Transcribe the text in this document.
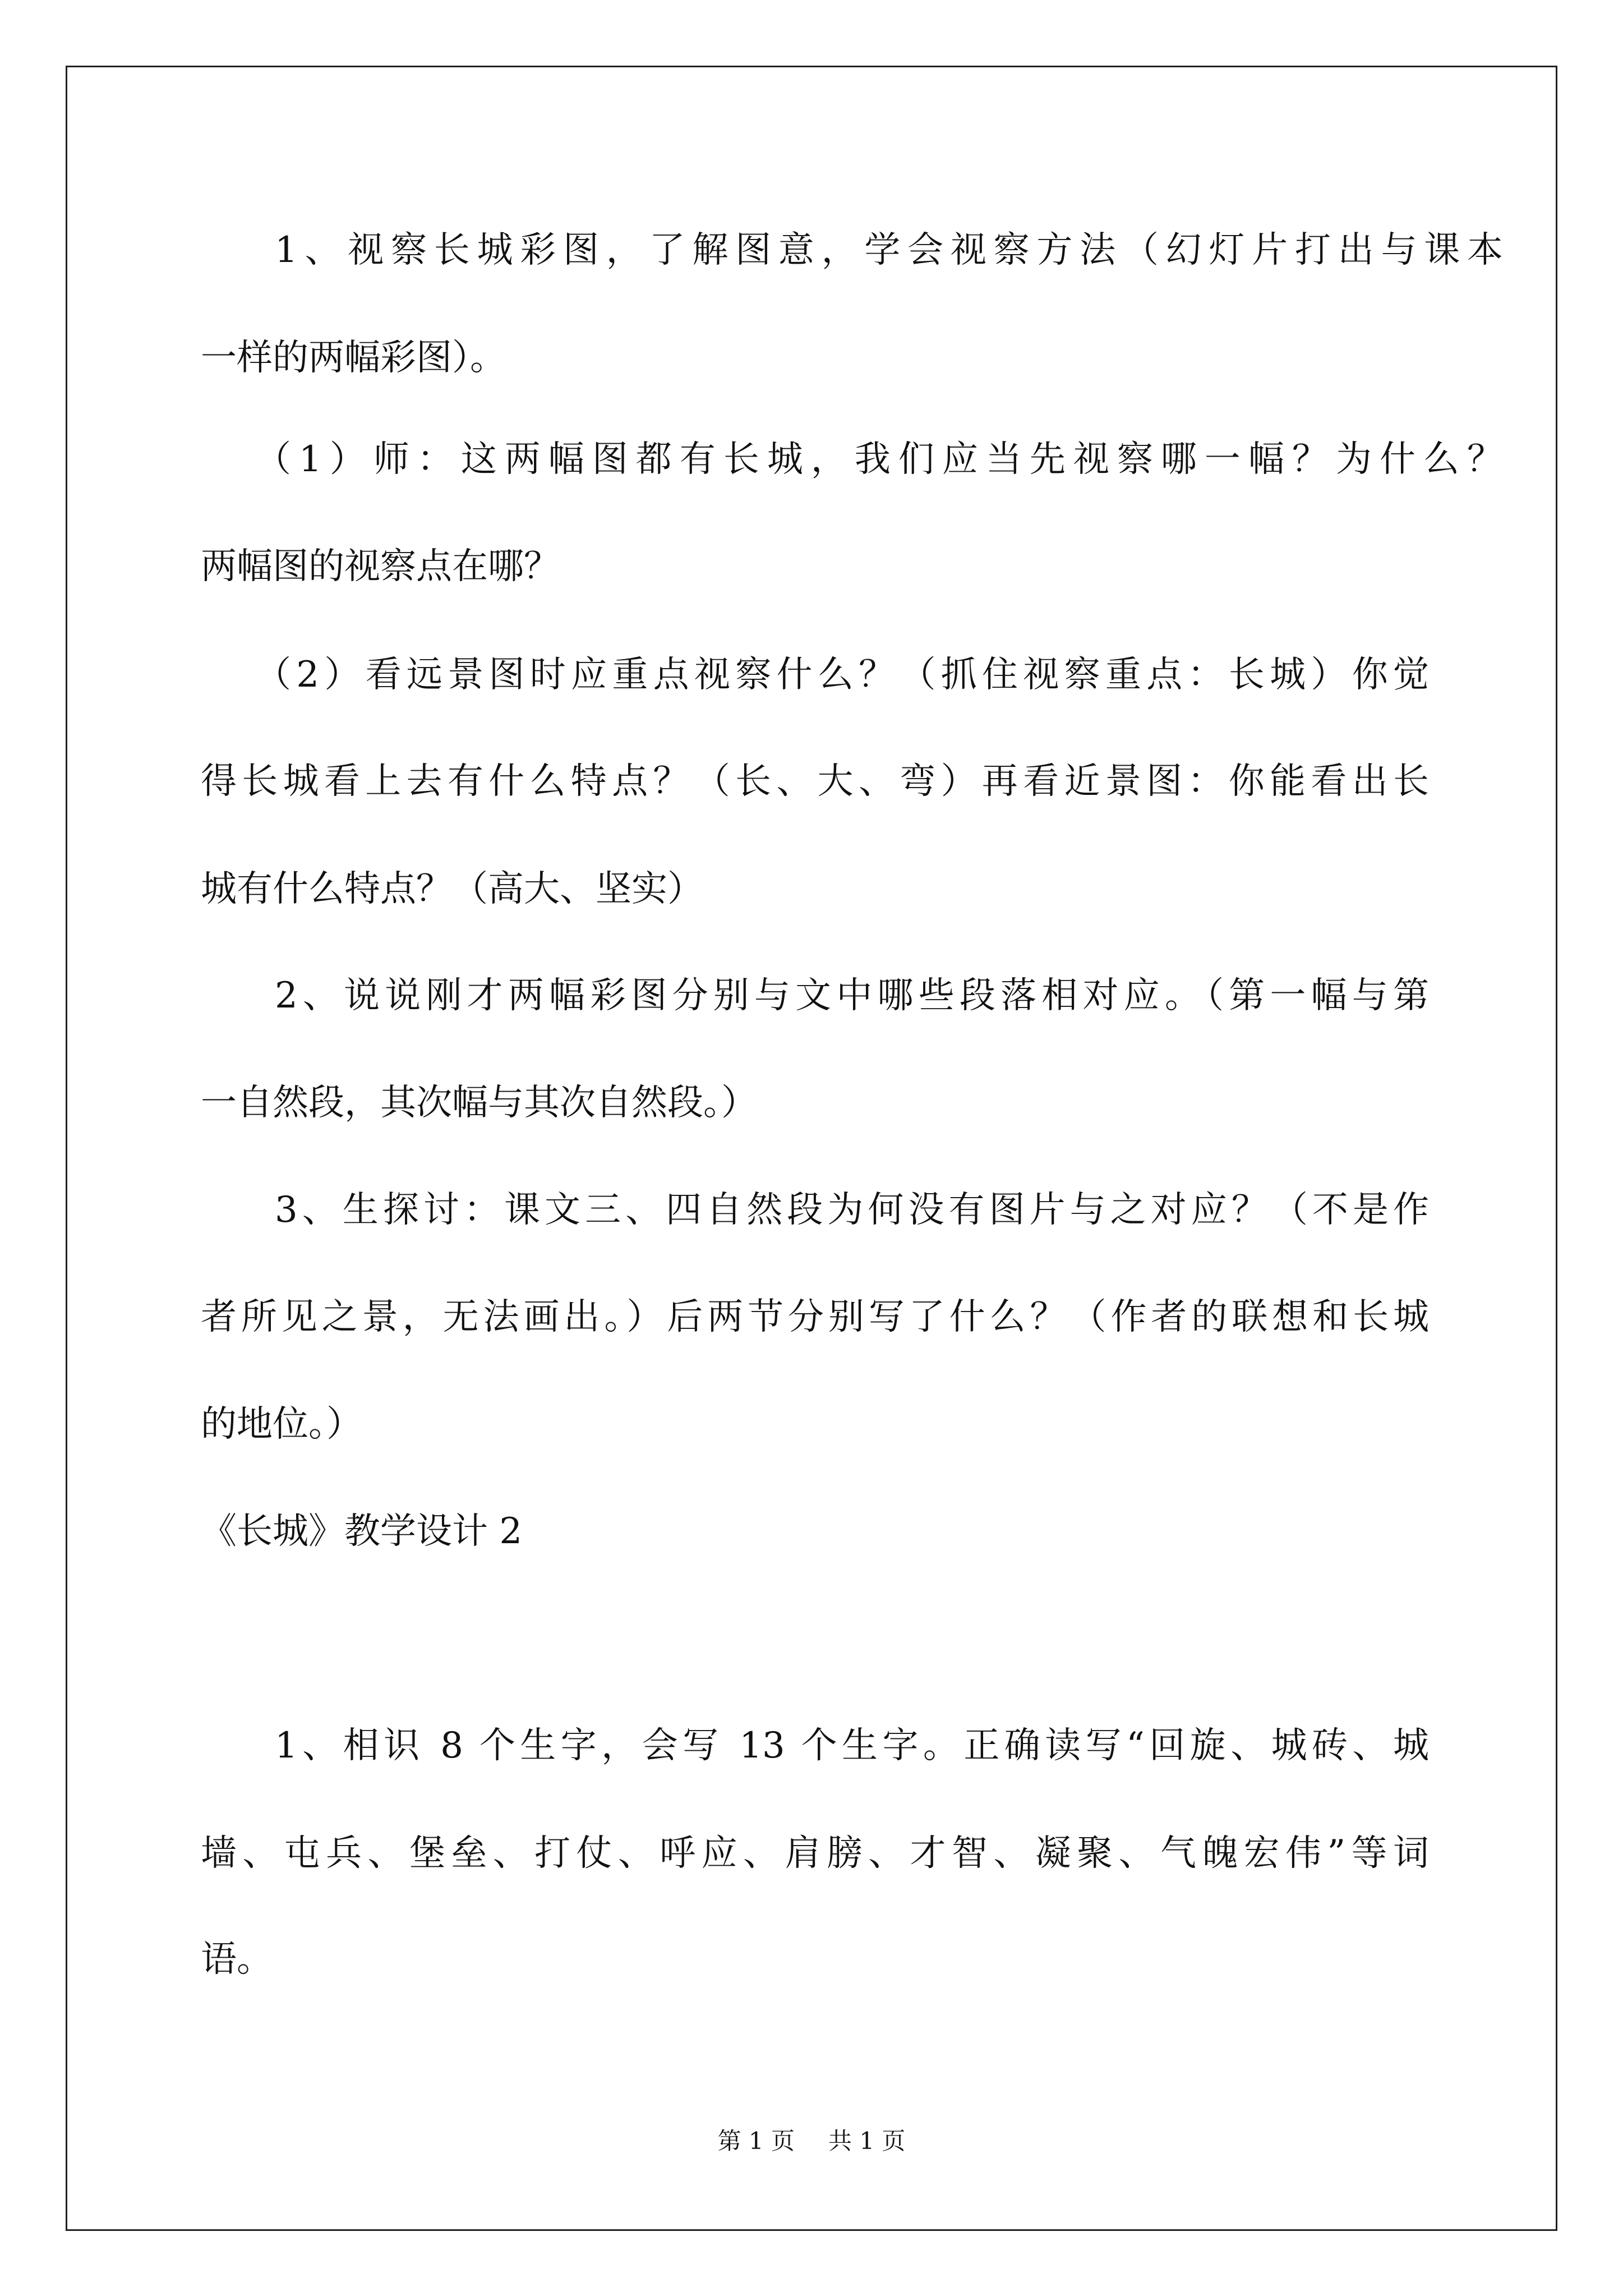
1、视察长城彩图，了解图意，学会视察方法（幻灯片打出与课本
一样的两幅彩图）。
（1）师：这两幅图都有长城，我们应当先视察哪一幅？为什么？
两幅图的视察点在哪？
（2）看远景图时应重点视察什么？（抓住视察重点：长城）你觉
得长城看上去有什么特点？（长、大、弯）再看近景图：你能看出长
城有什么特点？（高大、坚实）
2、说说刚才两幅彩图分别与文中哪些段落相对应。（第一幅与第
一自然段，其次幅与其次自然段。）
3、生探讨：课文三、四自然段为何没有图片与之对应？（不是作
者所见之景，无法画出。）后两节分别写了什么？（作者的联想和长城
的地位。）
《长城》教学设计 2
1、相识 8 个生字，会写 13 个生字。正确读写“回旋、城砖、城
墙、屯兵、堡垒、打仗、呼应、肩膀、才智、凝聚、气魄宏伟”等词
语。
第 1 页 共 1 页
